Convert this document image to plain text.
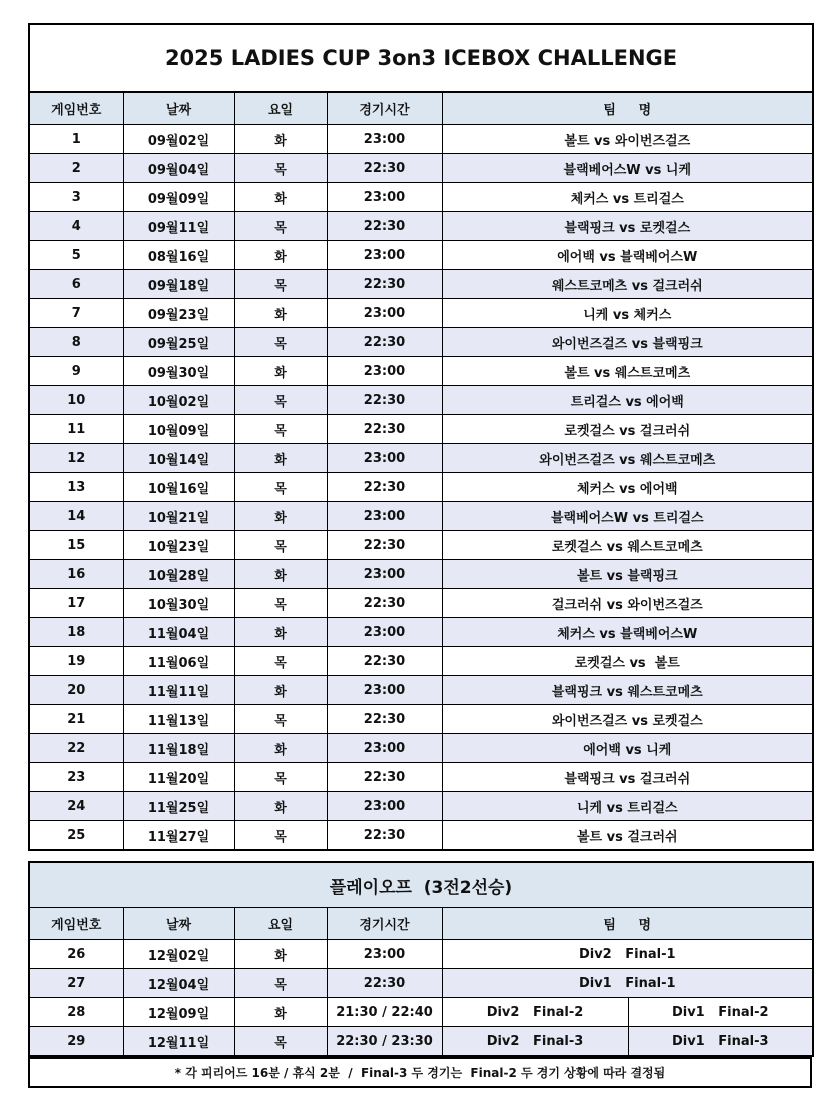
2025 LADIES CUP 3on3 ICEBOX CHALLENGE				
게임번호	날짜	요일	경기시간	팀     명
1	09월02일	화	23:00	볼트 vs 와이번즈걸즈
2	09월04일	목	22:30	블랙베어스W vs 니케
3	09월09일	화	23:00	체커스 vs 트리걸스
4	09월11일	목	22:30	블랙핑크 vs 로켓걸스
5	08월16일	화	23:00	에어백 vs 블랙베어스W
6	09월18일	목	22:30	웨스트코메츠 vs 걸크러쉬
7	09월23일	화	23:00	니케 vs 체커스
8	09월25일	목	22:30	와이번즈걸즈 vs 블랙핑크
9	09월30일	화	23:00	볼트 vs 웨스트코메츠
10	10월02일	목	22:30	트리걸스 vs 에어백
11	10월09일	목	22:30	로켓걸스 vs 걸크러쉬
12	10월14일	화	23:00	와이번즈걸즈 vs 웨스트코메츠
13	10월16일	목	22:30	체커스 vs 에어백
14	10월21일	화	23:00	블랙베어스W vs 트리걸스
15	10월23일	목	22:30	로켓걸스 vs 웨스트코메츠
16	10월28일	화	23:00	볼트 vs 블랙핑크
17	10월30일	목	22:30	걸크러쉬 vs 와이번즈걸즈
18	11월04일	화	23:00	체커스 vs 블랙베어스W
19	11월06일	목	22:30	로켓걸스 vs  볼트
20	11월11일	화	23:00	블랙핑크 vs 웨스트코메츠
21	11월13일	목	22:30	와이번즈걸즈 vs 로켓걸스
22	11월18일	화	23:00	에어백 vs 니케
23	11월20일	목	22:30	블랙핑크 vs 걸크러쉬
24	11월25일	화	23:00	니케 vs 트리걸스
25	11월27일	목	22:30	볼트 vs 걸크러쉬
플레이오프  (3전2선승)					
게임번호	날짜	요일	경기시간	팀     명	
26	12월02일	화	23:00	Div2   Final-1	
27	12월04일	목	22:30	Div1   Final-1	
28	12월09일	화	21:30 / 22:40	Div2   Final-2	Div1   Final-2
29	12월11일	목	22:30 / 23:30	Div2   Final-3	Div1   Final-3
* 각 피리어드 16분 / 휴식 2분  /  Final-3 두 경기는  Final-2 두 경기 상황에 따라 결정됨
